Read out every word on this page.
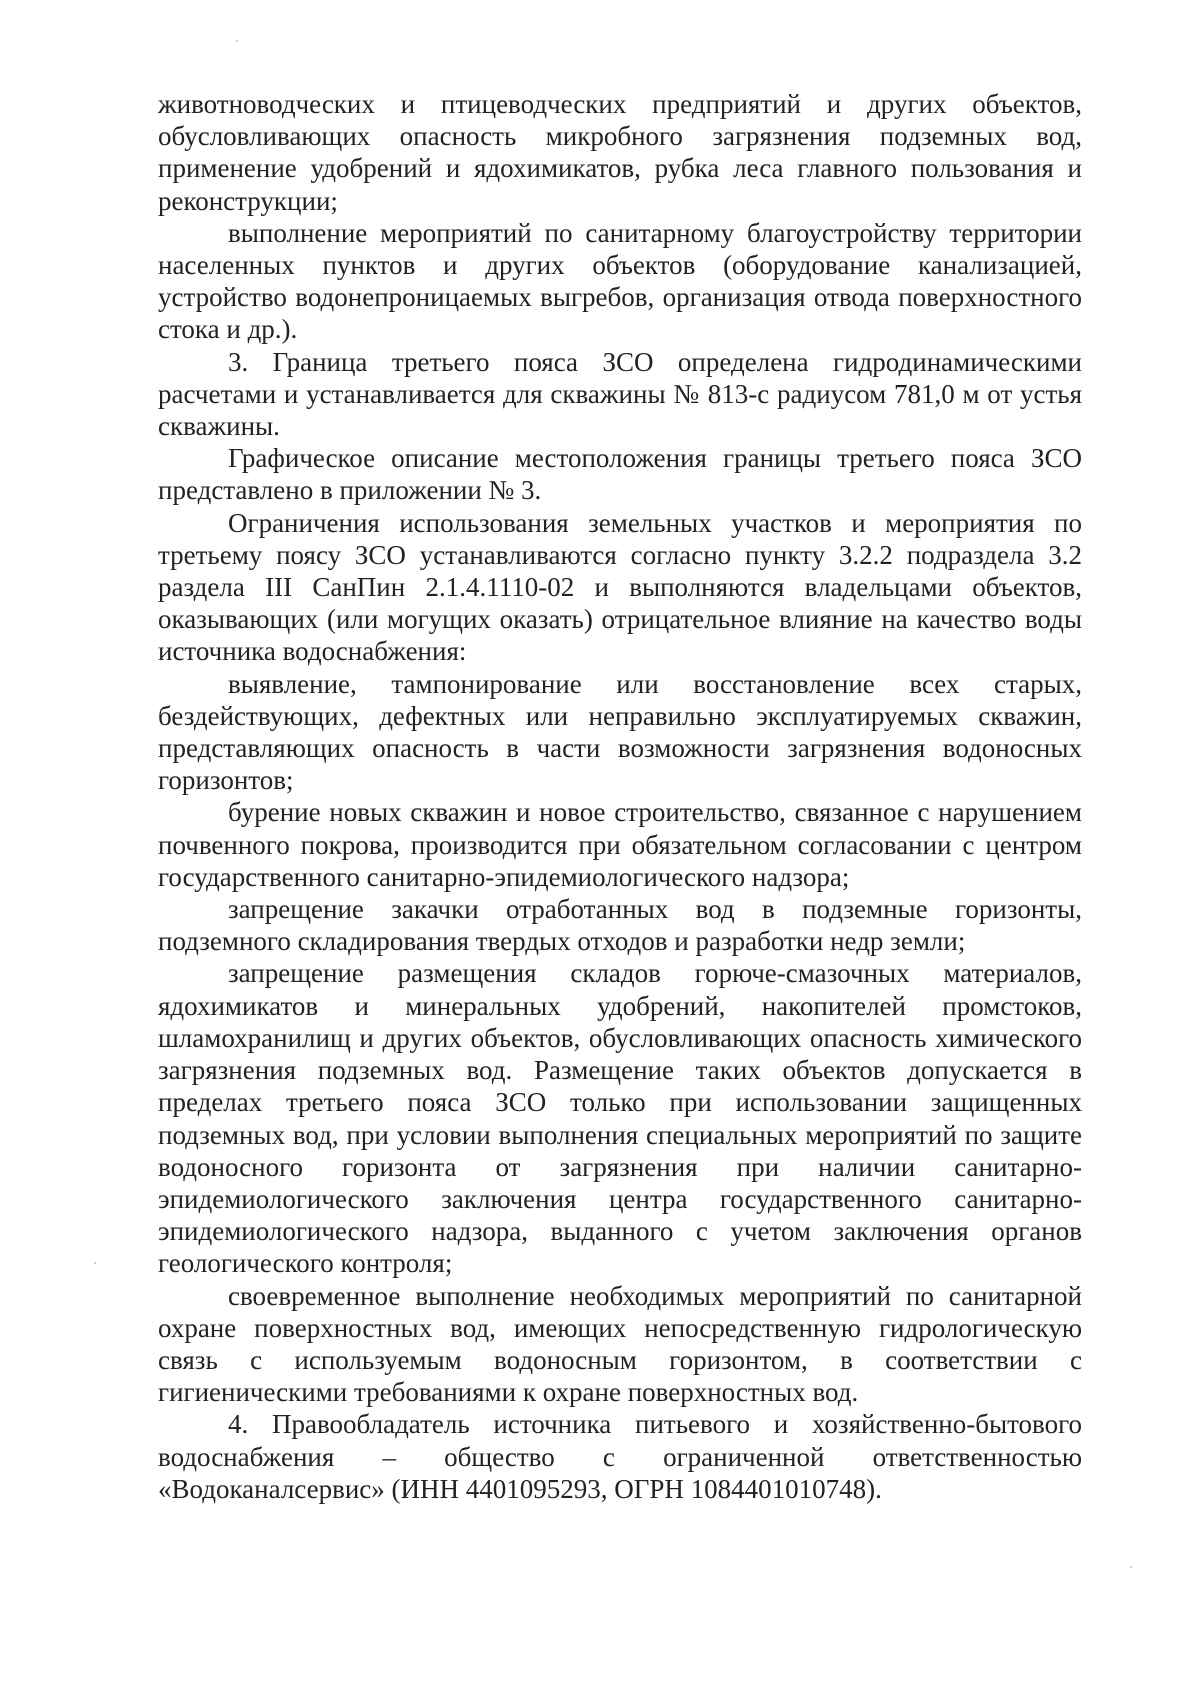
животноводческих и птицеводческих предприятий и других объектов, обусловливающих опасность микробного загрязнения подземных вод, применение удобрений и ядохимикатов, рубка леса главного пользования и реконструкции;

выполнение мероприятий по санитарному благоустройству территории населенных пунктов и других объектов (оборудование канализацией, устройство водонепроницаемых выгребов, организация отвода поверхностного стока и др.).

3. Граница третьего пояса ЗСО определена гидродинамическими расчетами и устанавливается для скважины № 813-с радиусом 781,0 м от устья скважины.

Графическое описание местоположения границы третьего пояса ЗСО представлено в приложении № 3.

Ограничения использования земельных участков и мероприятия по третьему поясу ЗСО устанавливаются согласно пункту 3.2.2 подраздела 3.2 раздела III СанПин 2.1.4.1110-02 и выполняются владельцами объектов, оказывающих (или могущих оказать) отрицательное влияние на качество воды источника водоснабжения:

выявление, тампонирование или восстановление всех старых, бездействующих, дефектных или неправильно эксплуатируемых скважин, представляющих опасность в части возможности загрязнения водоносных горизонтов;

бурение новых скважин и новое строительство, связанное с нарушением почвенного покрова, производится при обязательном согласовании с центром государственного санитарно-эпидемиологического надзора;

запрещение закачки отработанных вод в подземные горизонты, подземного складирования твердых отходов и разработки недр земли;

запрещение размещения складов горюче-смазочных материалов, ядохимикатов и минеральных удобрений, накопителей промстоков, шламохранилищ и других объектов, обусловливающих опасность химического загрязнения подземных вод. Размещение таких объектов допускается в пределах третьего пояса ЗСО только при использовании защищенных подземных вод, при условии выполнения специальных мероприятий по защите водоносного горизонта от загрязнения при наличии санитарно-эпидемиологического заключения центра государственного санитарно-эпидемиологического надзора, выданного с учетом заключения органов геологического контроля;

своевременное выполнение необходимых мероприятий по санитарной охране поверхностных вод, имеющих непосредственную гидрологическую связь с используемым водоносным горизонтом, в соответствии с гигиеническими требованиями к охране поверхностных вод.

4. Правообладатель источника питьевого и хозяйственно-бытового водоснабжения – общество с ограниченной ответственностью «Водоканалсервис» (ИНН 4401095293, ОГРН 1084401010748).
